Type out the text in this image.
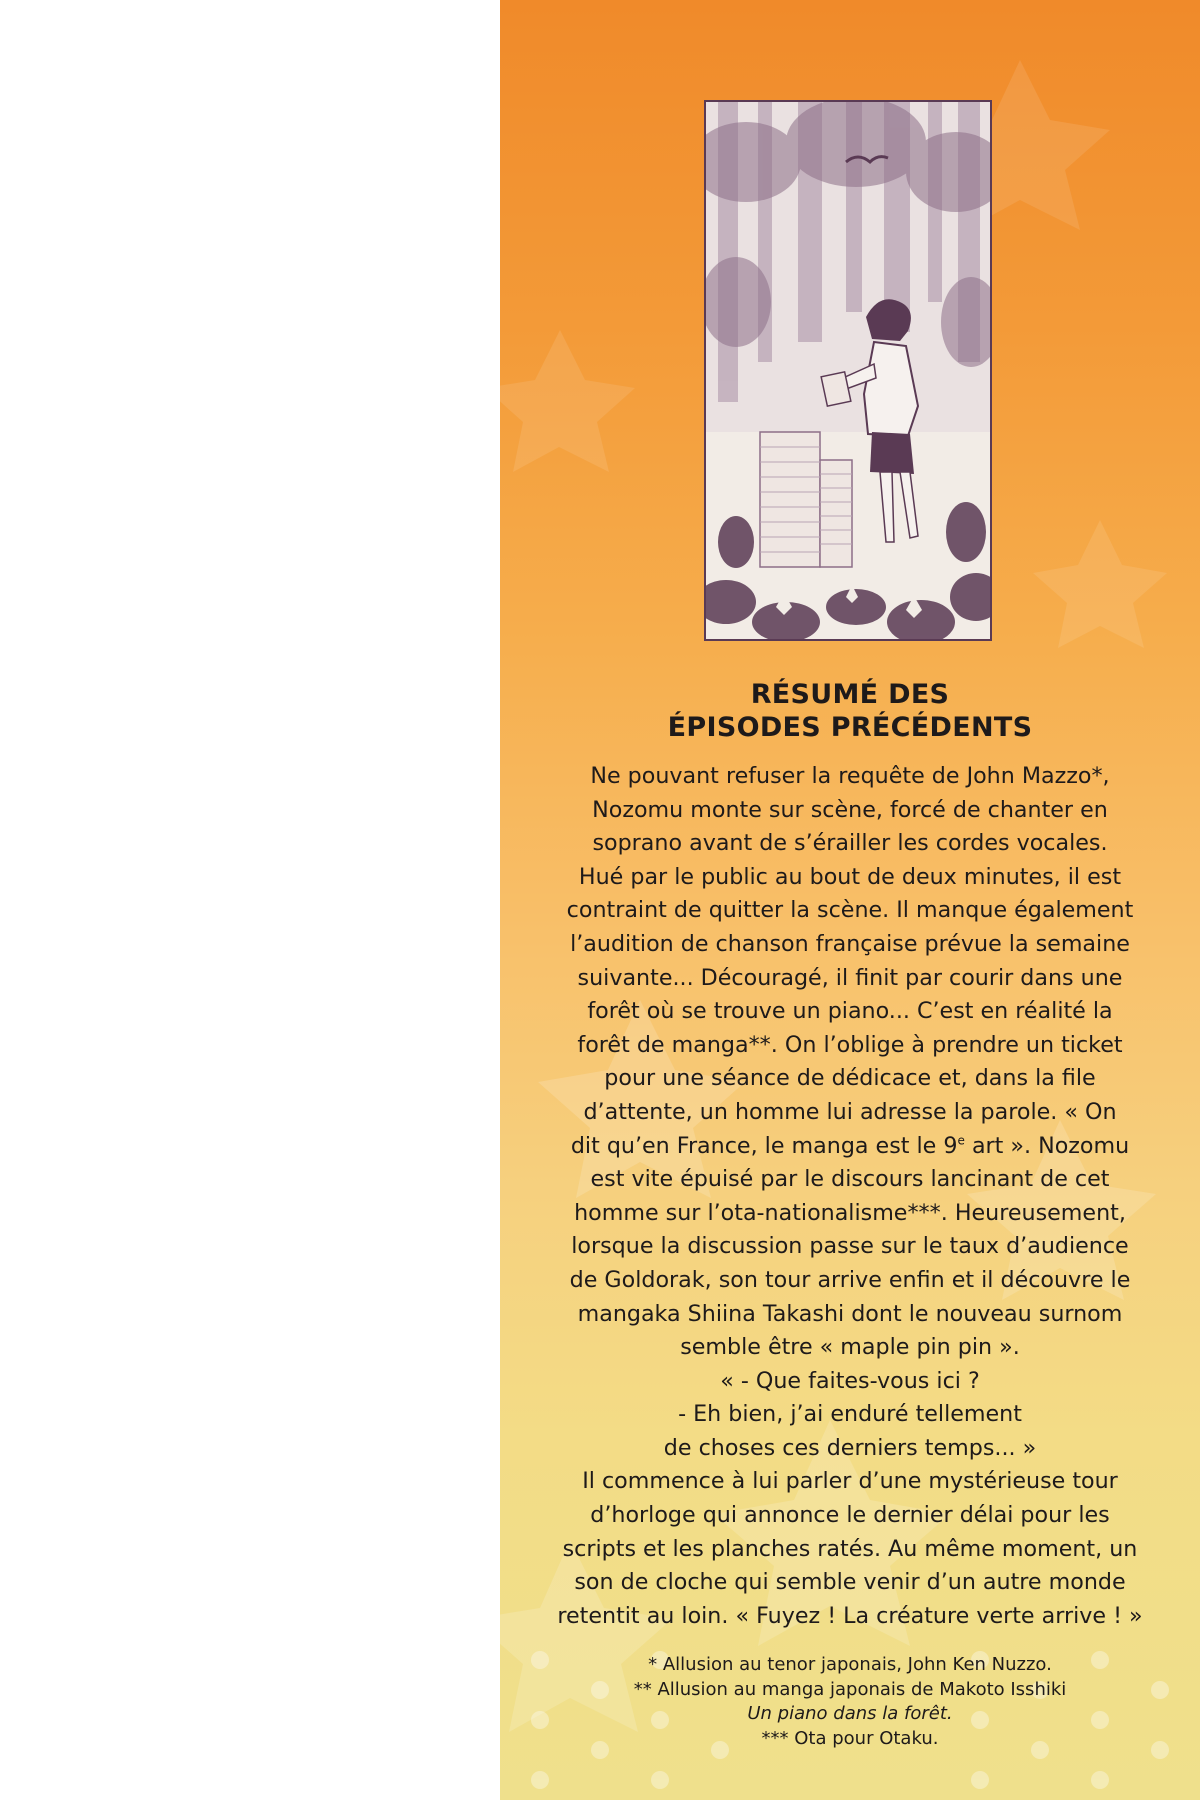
RÉSUMÉ DES
ÉPISODES PRÉCÉDENTS
Ne pouvant refuser la requête de John Mazzo*,
Nozomu monte sur scène, forcé de chanter en
soprano avant de s’érailler les cordes vocales.
Hué par le public au bout de deux minutes, il est
contraint de quitter la scène. Il manque également
l’audition de chanson française prévue la semaine
suivante... Découragé, il finit par courir dans une
forêt où se trouve un piano... C’est en réalité la
forêt de manga**. On l’oblige à prendre un ticket
pour une séance de dédicace et, dans la file
d’attente, un homme lui adresse la parole. « On
dit qu’en France, le manga est le 9e art ». Nozomu
est vite épuisé par le discours lancinant de cet
homme sur l’ota-nationalisme***. Heureusement,
lorsque la discussion passe sur le taux d’audience
de Goldorak, son tour arrive enfin et il découvre le
mangaka Shiina Takashi dont le nouveau surnom
semble être « maple pin pin ».
« - Que faites-vous ici ?
- Eh bien, j’ai enduré tellement
de choses ces derniers temps... »
Il commence à lui parler d’une mystérieuse tour
d’horloge qui annonce le dernier délai pour les
scripts et les planches ratés. Au même moment, un
son de cloche qui semble venir d’un autre monde
retentit au loin. « Fuyez ! La créature verte arrive ! »
* Allusion au tenor japonais, John Ken Nuzzo.
** Allusion au manga japonais de Makoto Isshiki
Un piano dans la forêt.
*** Ota pour Otaku.
